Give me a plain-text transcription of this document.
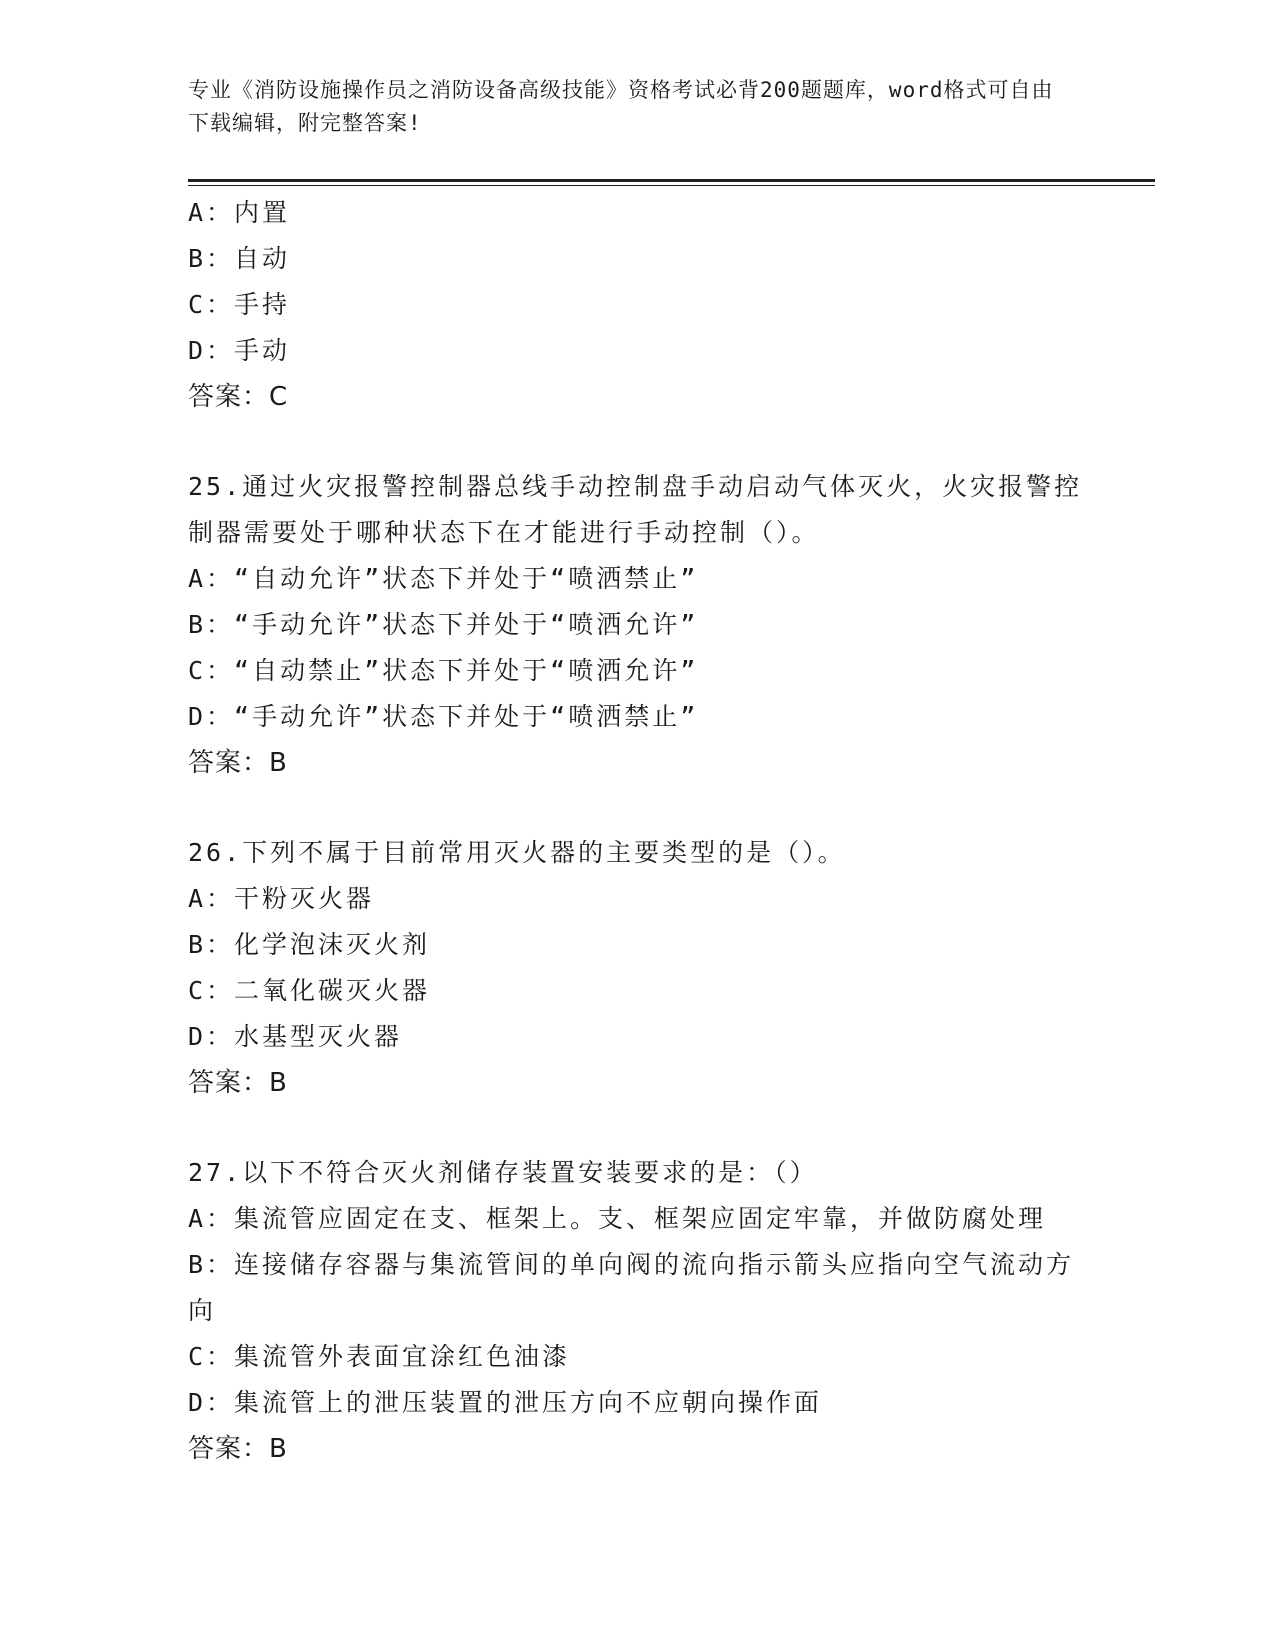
专业《消防设施操作员之消防设备高级技能》资格考试必背200题题库，word格式可自由下载编辑，附完整答案!
A：内置
B：自动
C：手持
D：手动
答案：C
25.通过火灾报警控制器总线手动控制盘手动启动气体灭火，火灾报警控制器需要处于哪种状态下在才能进行手动控制（）。
A：“自动允许”状态下并处于“喷洒禁止”
B：“手动允许”状态下并处于“喷洒允许”
C：“自动禁止”状态下并处于“喷洒允许”
D：“手动允许”状态下并处于“喷洒禁止”
答案：B
26.下列不属于目前常用灭火器的主要类型的是（）。
A：干粉灭火器
B：化学泡沫灭火剂
C：二氧化碳灭火器
D：水基型灭火器
答案：B
27.以下不符合灭火剂储存装置安装要求的是：（）
A：集流管应固定在支、框架上。支、框架应固定牢靠，并做防腐处理
B：连接储存容器与集流管间的单向阀的流向指示箭头应指向空气流动方向
C：集流管外表面宜涂红色油漆
D：集流管上的泄压装置的泄压方向不应朝向操作面
答案：B
